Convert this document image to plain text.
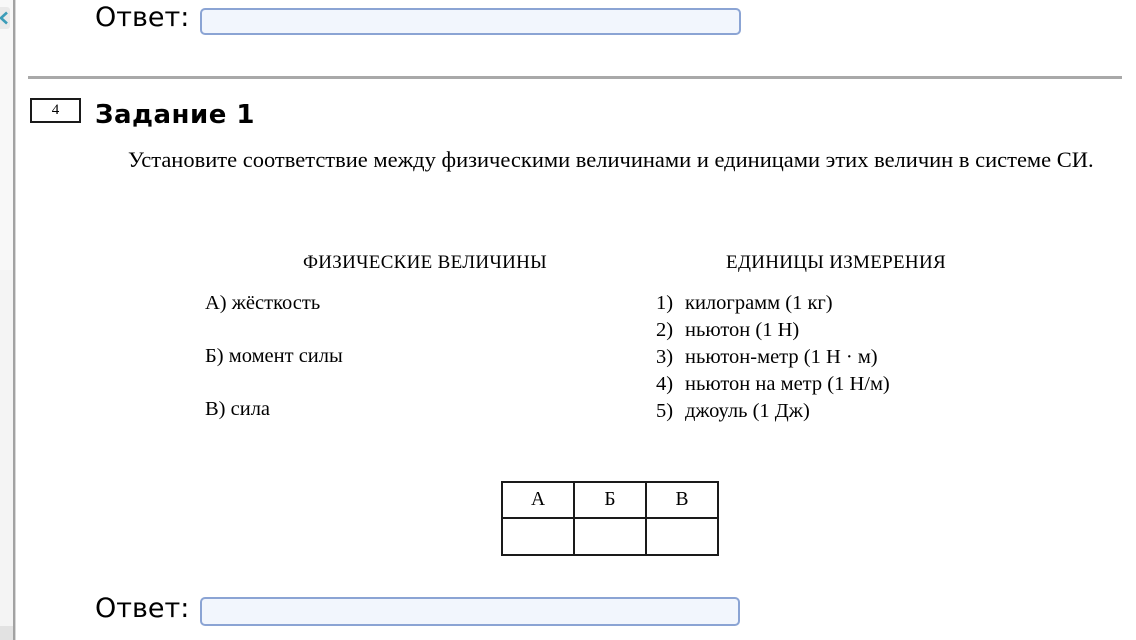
Ответ:
4 Задание 1
Установите соответствие между физическими величинами и единицами этих величин в системе СИ.
ФИЗИЧЕСКИЕ ВЕЛИЧИНЫ
А) жёсткость
Б) момент силы
В) сила
ЕДИНИЦЫ ИЗМЕРЕНИЯ
1) килограмм (1 кг)
2) ньютон (1 Н)
3) ньютон-метр (1 Н · м)
4) ньютон на метр (1 Н/м)
5) джоуль (1 Дж)
А	Б	В

Ответ:
